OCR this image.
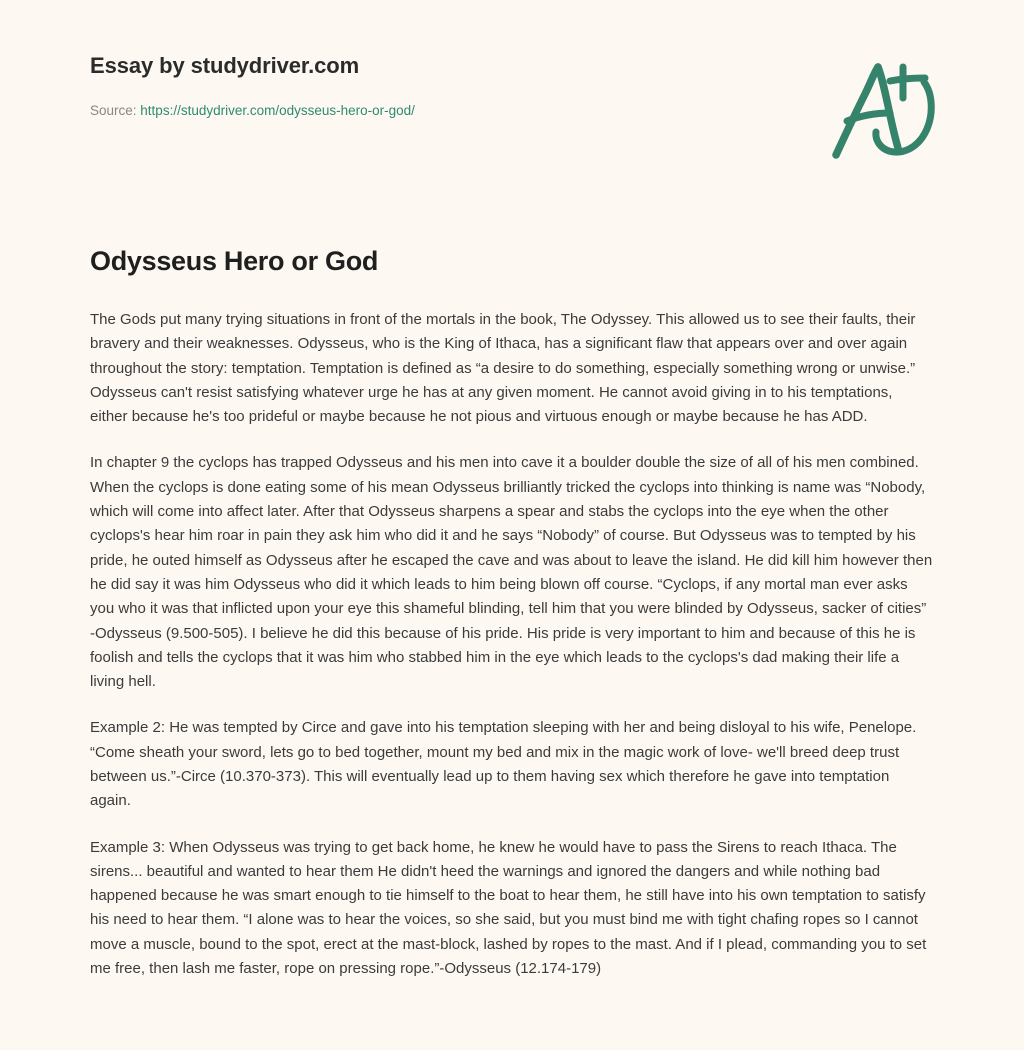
Essay by studydriver.com
Source: https://studydriver.com/odysseus-hero-or-god/
Odysseus Hero or God

The Gods put many trying situations in front of the mortals in the book, The Odyssey. This allowed us to see their faults, their bravery and their weaknesses. Odysseus, who is the King of Ithaca, has a significant flaw that appears over and over again throughout the story: temptation. Temptation is defined as “a desire to do something, especially something wrong or unwise.” Odysseus can't resist satisfying whatever urge he has at any given moment. He cannot avoid giving in to his temptations, either because he's too prideful or maybe because he not pious and virtuous enough or maybe because he has ADD.

In chapter 9 the cyclops has trapped Odysseus and his men into cave it a boulder double the size of all of his men combined. When the cyclops is done eating some of his mean Odysseus brilliantly tricked the cyclops into thinking is name was “Nobody, which will come into affect later. After that Odysseus sharpens a spear and stabs the cyclops into the eye when the other cyclops's hear him roar in pain they ask him who did it and he says “Nobody” of course. But Odysseus was to tempted by his pride, he outed himself as Odysseus after he escaped the cave and was about to leave the island. He did kill him however then he did say it was him Odysseus who did it which leads to him being blown off course. “Cyclops, if any mortal man ever asks you who it was that inflicted upon your eye this shameful blinding, tell him that you were blinded by Odysseus, sacker of cities” -Odysseus (9.500-505). I believe he did this because of his pride. His pride is very important to him and because of this he is foolish and tells the cyclops that it was him who stabbed him in the eye which leads to the cyclops's dad making their life a living hell.

Example 2: He was tempted by Circe and gave into his temptation sleeping with her and being disloyal to his wife, Penelope. “Come sheath your sword, lets go to bed together, mount my bed and mix in the magic work of love- we'll breed deep trust between us.”-Circe (10.370-373). This will eventually lead up to them having sex which therefore he gave into temptation again.

Example 3: When Odysseus was trying to get back home, he knew he would have to pass the Sirens to reach Ithaca. The sirens... beautiful and wanted to hear them He didn't heed the warnings and ignored the dangers and while nothing bad happened because he was smart enough to tie himself to the boat to hear them, he still have into his own temptation to satisfy his need to hear them. “I alone was to hear the voices, so she said, but you must bind me with tight chafing ropes so I cannot move a muscle, bound to the spot, erect at the mast-block, lashed by ropes to the mast. And if I plead, commanding you to set me free, then lash me faster, rope on pressing rope.”-Odysseus (12.174-179)
